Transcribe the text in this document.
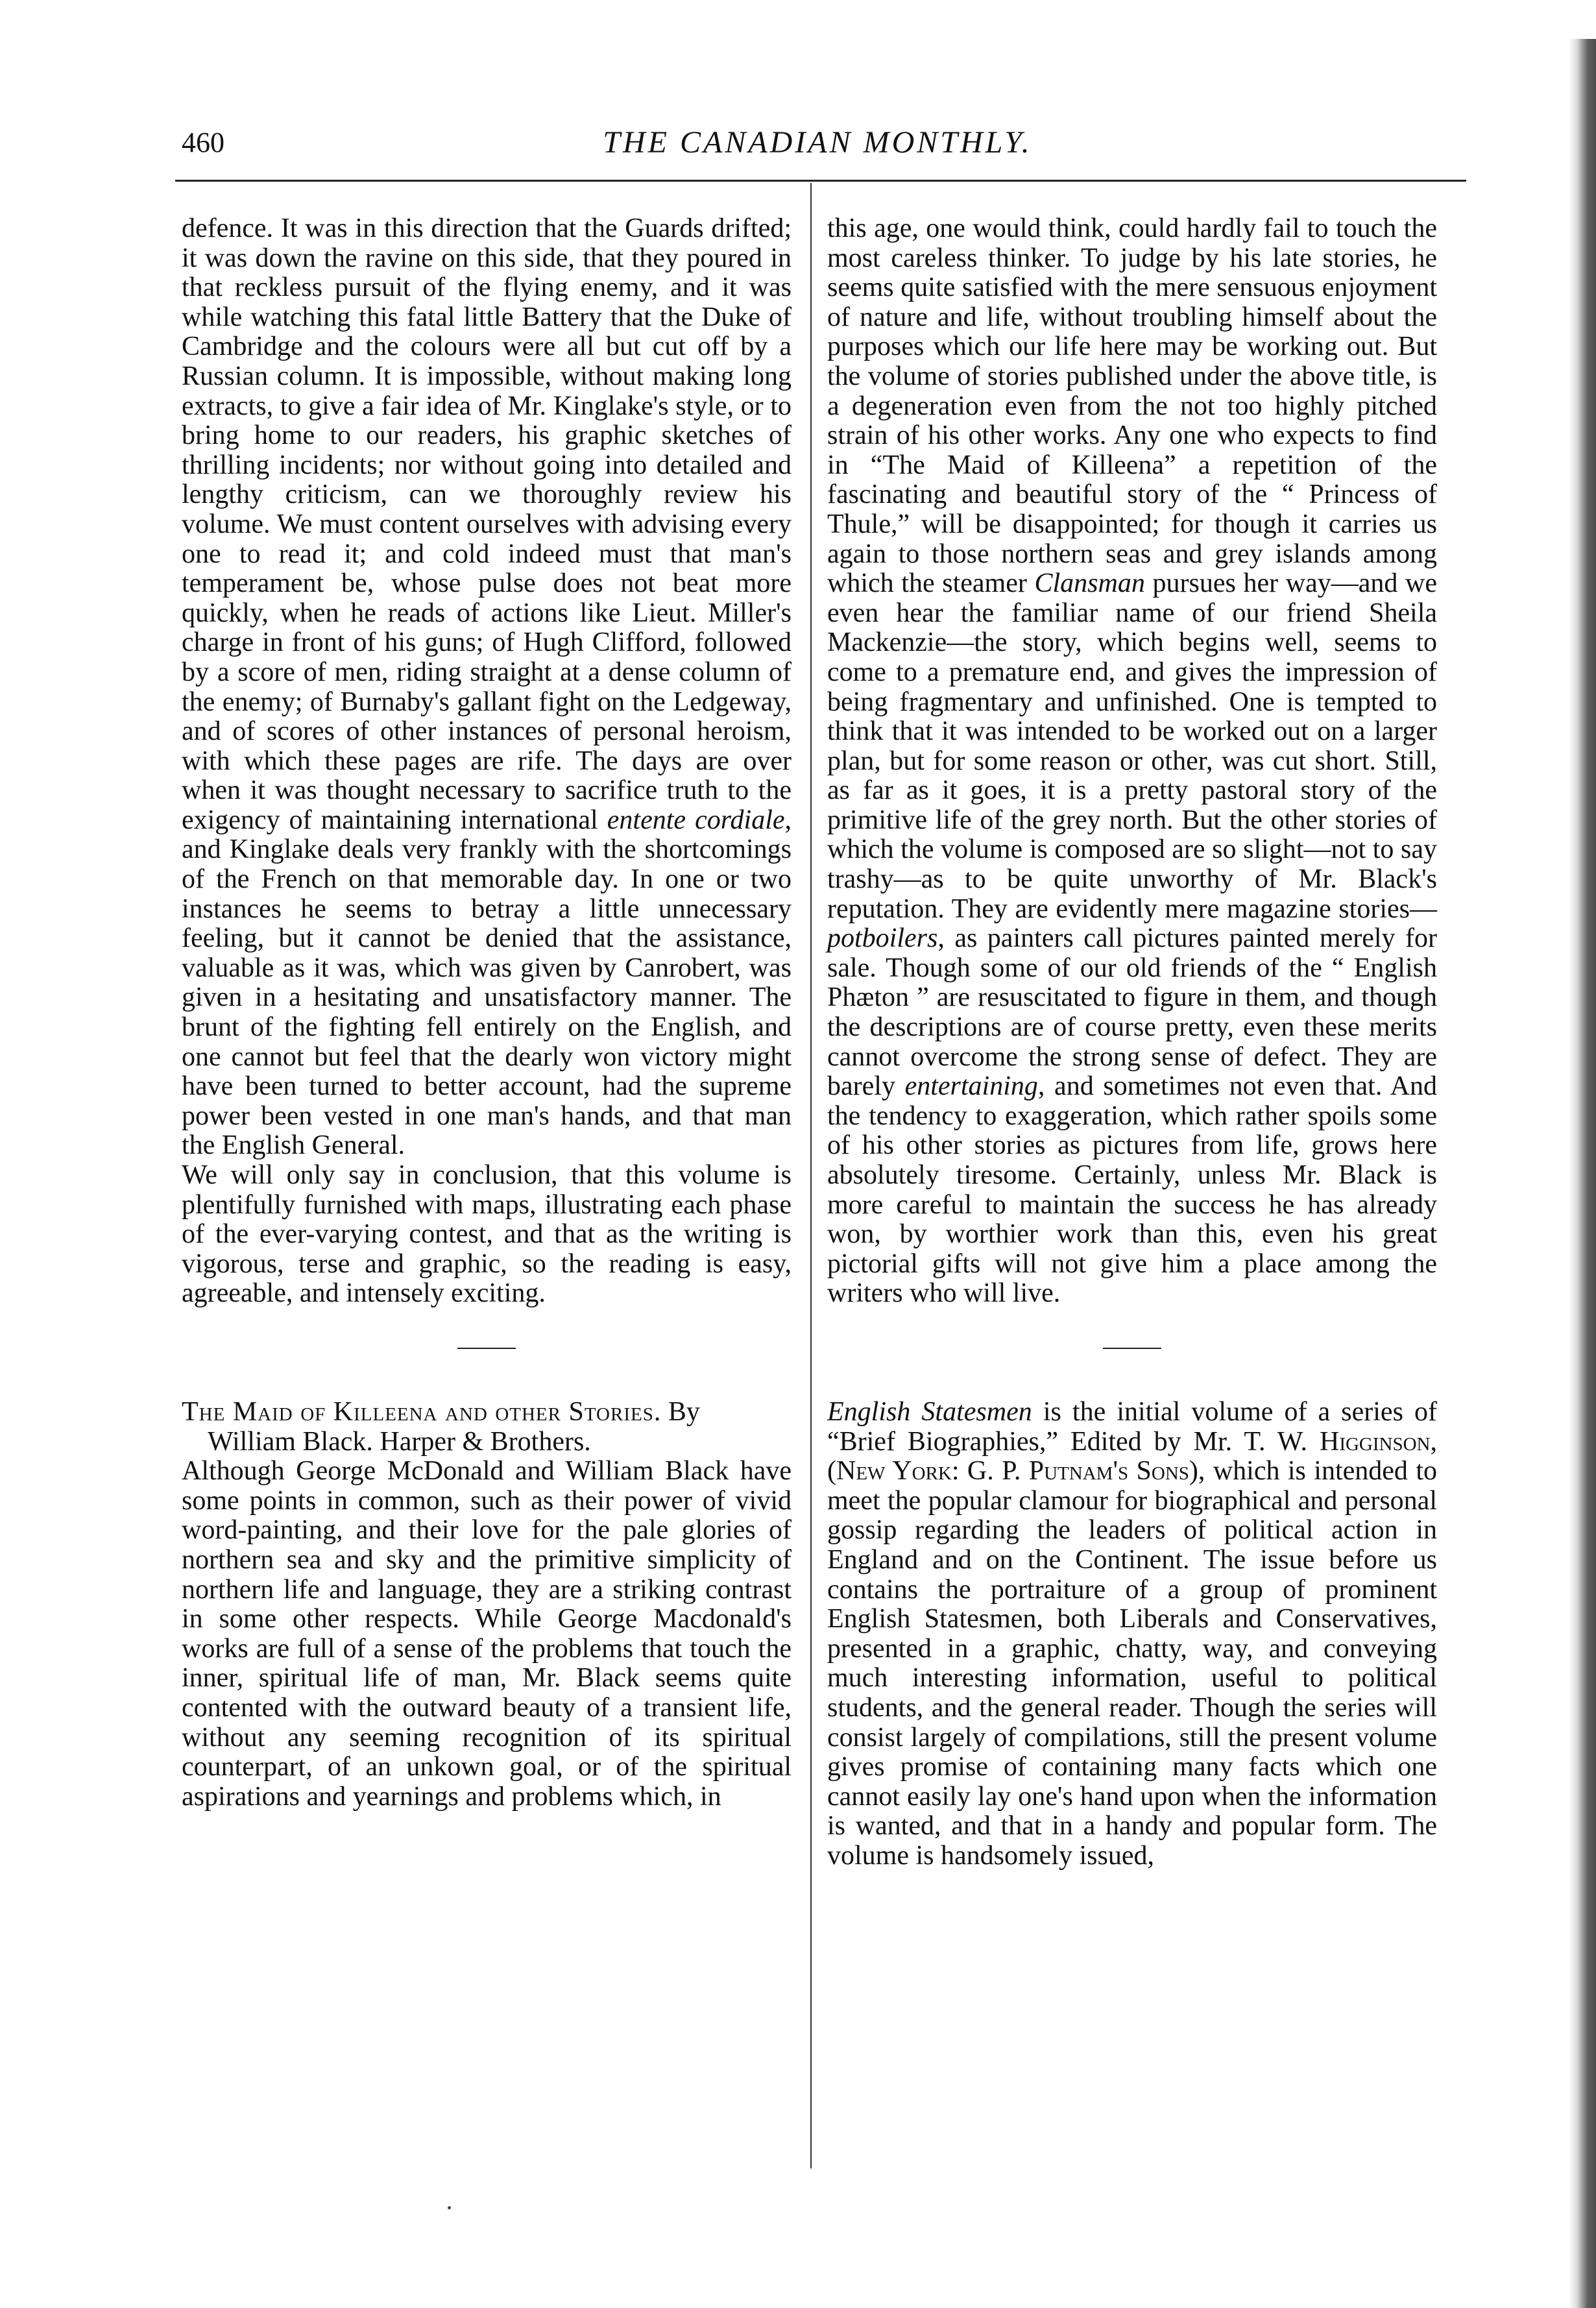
460	THE CANADIAN MONTHLY.

defence. It was in this direction that the Guards drifted; it was down the ravine on this side, that they poured in that reckless pursuit of the flying enemy, and it was while watching this fatal little Battery that the Duke of Cambridge and the colours were all but cut off by a Russian column. It is impossible, without making long extracts, to give a fair idea of Mr. Kinglake's style, or to bring home to our readers, his graphic sketches of thrilling incidents; nor without going into detailed and lengthy criticism, can we thoroughly review his volume. We must content ourselves with advising every one to read it; and cold indeed must that man's temperament be, whose pulse does not beat more quickly, when he reads of actions like Lieut. Miller's charge in front of his guns; of Hugh Clifford, followed by a score of men, riding straight at a dense column of the enemy; of Burnaby's gallant fight on the Ledgeway, and of scores of other instances of personal heroism, with which these pages are rife. The days are over when it was thought necessary to sacrifice truth to the exigency of maintaining international entente cordiale, and Kinglake deals very frankly with the shortcomings of the French on that memorable day. In one or two instances he seems to betray a little unnecessary feeling, but it cannot be denied that the assistance, valuable as it was, which was given by Canrobert, was given in a hesitating and unsatisfactory manner. The brunt of the fighting fell entirely on the English, and one cannot but feel that the dearly won victory might have been turned to better account, had the supreme power been vested in one man's hands, and that man the English General.

We will only say in conclusion, that this volume is plentifully furnished with maps, illustrating each phase of the ever-varying contest, and that as the writing is vigorous, terse and graphic, so the reading is easy, agreeable, and intensely exciting.

The Maid of Killeena and other Stories. By William Black. Harper & Brothers.

Although George McDonald and William Black have some points in common, such as their power of vivid word-painting, and their love for the pale glories of northern sea and sky and the primitive simplicity of northern life and language, they are a striking contrast in some other respects. While George Macdonald's works are full of a sense of the problems that touch the inner, spiritual life of man, Mr. Black seems quite contented with the outward beauty of a transient life, without any seeming recognition of its spiritual counterpart, of an unkown goal, or of the spiritual aspirations and yearnings and problems which, in

this age, one would think, could hardly fail to touch the most careless thinker. To judge by his late stories, he seems quite satisfied with the mere sensuous enjoyment of nature and life, without troubling himself about the purposes which our life here may be working out. But the volume of stories published under the above title, is a degeneration even from the not too highly pitched strain of his other works. Any one who expects to find in “The Maid of Killeena” a repetition of the fascinating and beautiful story of the “ Princess of Thule,” will be disappointed; for though it carries us again to those northern seas and grey islands among which the steamer Clansman pursues her way—and we even hear the familiar name of our friend Sheila Mackenzie—the story, which begins well, seems to come to a premature end, and gives the impression of being fragmentary and unfinished. One is tempted to think that it was intended to be worked out on a larger plan, but for some reason or other, was cut short. Still, as far as it goes, it is a pretty pastoral story of the primitive life of the grey north. But the other stories of which the volume is composed are so slight—not to say trashy—as to be quite unworthy of Mr. Black's reputation. They are evidently mere magazine stories—potboilers, as painters call pictures painted merely for sale. Though some of our old friends of the “ English Phæton ” are resuscitated to figure in them, and though the descriptions are of course pretty, even these merits cannot overcome the strong sense of defect. They are barely entertaining, and sometimes not even that. And the tendency to exaggeration, which rather spoils some of his other stories as pictures from life, grows here absolutely tiresome. Certainly, unless Mr. Black is more careful to maintain the success he has already won, by worthier work than this, even his great pictorial gifts will not give him a place among the writers who will live.

English Statesmen is the initial volume of a series of “Brief Biographies,” Edited by Mr. T. W. Higginson, (New York: G. P. Putnam's Sons), which is intended to meet the popular clamour for biographical and personal gossip regarding the leaders of political action in England and on the Continent. The issue before us contains the portraiture of a group of prominent English Statesmen, both Liberals and Conservatives, presented in a graphic, chatty, way, and conveying much interesting information, useful to political students, and the general reader. Though the series will consist largely of compilations, still the present volume gives promise of containing many facts which one cannot easily lay one's hand upon when the information is wanted, and that in a handy and popular form. The volume is handsomely issued,
